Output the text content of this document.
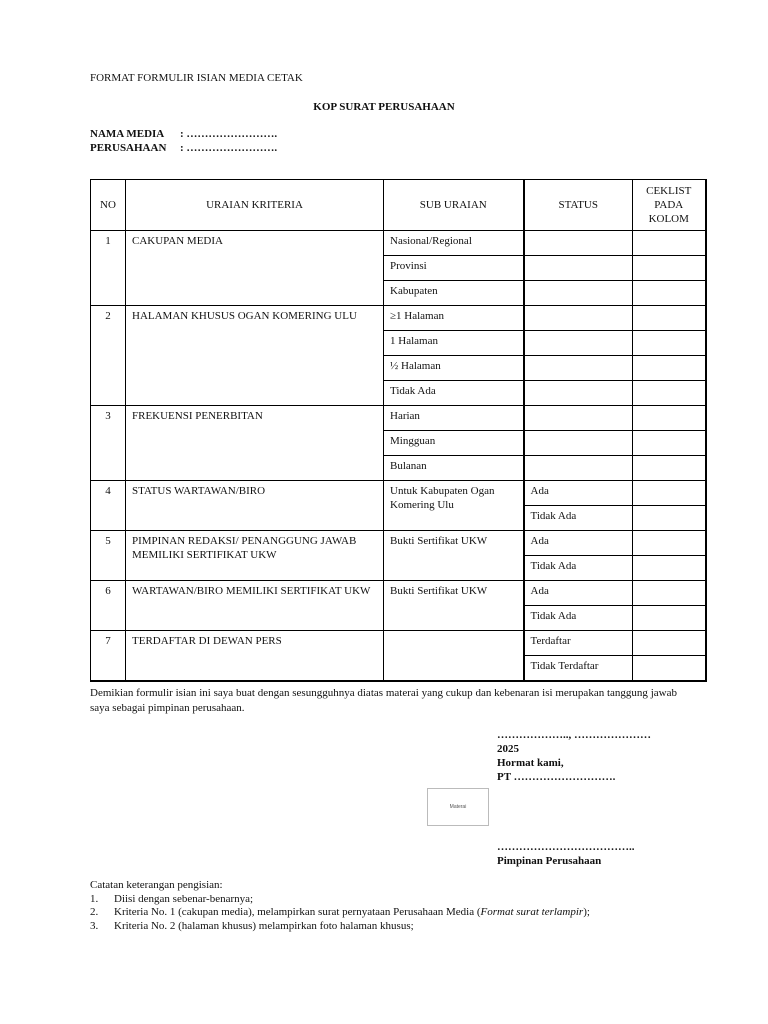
FORMAT FORMULIR ISIAN MEDIA CETAK
KOP SURAT PERUSAHAAN
NAMA MEDIA : …………………….
PERUSAHAAN : …………………….
NO	URAIAN KRITERIA	SUB URAIAN	STATUS	CEKLIST PADA KOLOM
1	CAKUPAN MEDIA	Nasional/Regional		
		Provinsi		
		Kabupaten		
2	HALAMAN KHUSUS OGAN KOMERING ULU	≥1 Halaman		
		1 Halaman		
		½ Halaman		
		Tidak Ada		
3	FREKUENSI PENERBITAN	Harian		
		Mingguan		
		Bulanan		
4	STATUS WARTAWAN/BIRO	Untuk Kabupaten Ogan Komering Ulu	Ada	
			Tidak Ada	
5	PIMPINAN REDAKSI/ PENANGGUNG JAWAB MEMILIKI SERTIFIKAT UKW	Bukti Sertifikat UKW	Ada	
			Tidak Ada	
6	WARTAWAN/BIRO MEMILIKI SERTIFIKAT UKW	Bukti Sertifikat UKW	Ada	
			Tidak Ada	
7	TERDAFTAR DI DEWAN PERS		Terdaftar	
			Tidak Terdaftar	
Demikian formulir isian ini saya buat dengan sesungguhnya diatas materai yang cukup dan kebenaran isi merupakan tanggung jawab saya sebagai pimpinan perusahaan.
……………….., …………………
2025
Hormat kami,
PT ……………………….
………………………………..
Pimpinan Perusahaan
Materai
Catatan keterangan pengisian:
1.	Diisi dengan sebenar-benarnya;
2.	Kriteria No. 1 (cakupan media), melampirkan surat pernyataan Perusahaan Media (Format surat terlampir);
3.	Kriteria No. 2 (halaman khusus) melampirkan foto halaman khusus;
